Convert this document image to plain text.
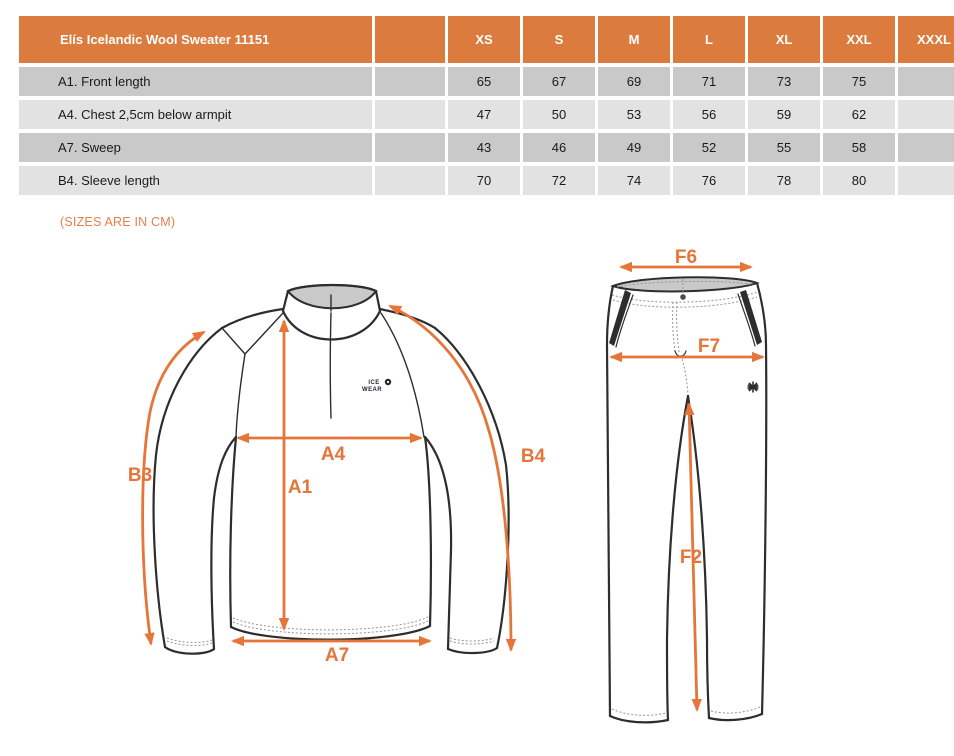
Elís Icelandic Wool Sweater 11151		XS	S	M	L	XL	XXL	XXXL
A1. Front length		65	67	69	71	73	75	
A4. Chest 2,5cm below armpit		47	50	53	56	59	62	
A7. Sweep		43	46	49	52	55	58	
B4. Sleeve length		70	72	74	76	78	80	
(SIZES ARE IN CM)
ICE
WEAR
B3
A4
A1
B4
A7
F6
F7
F2
